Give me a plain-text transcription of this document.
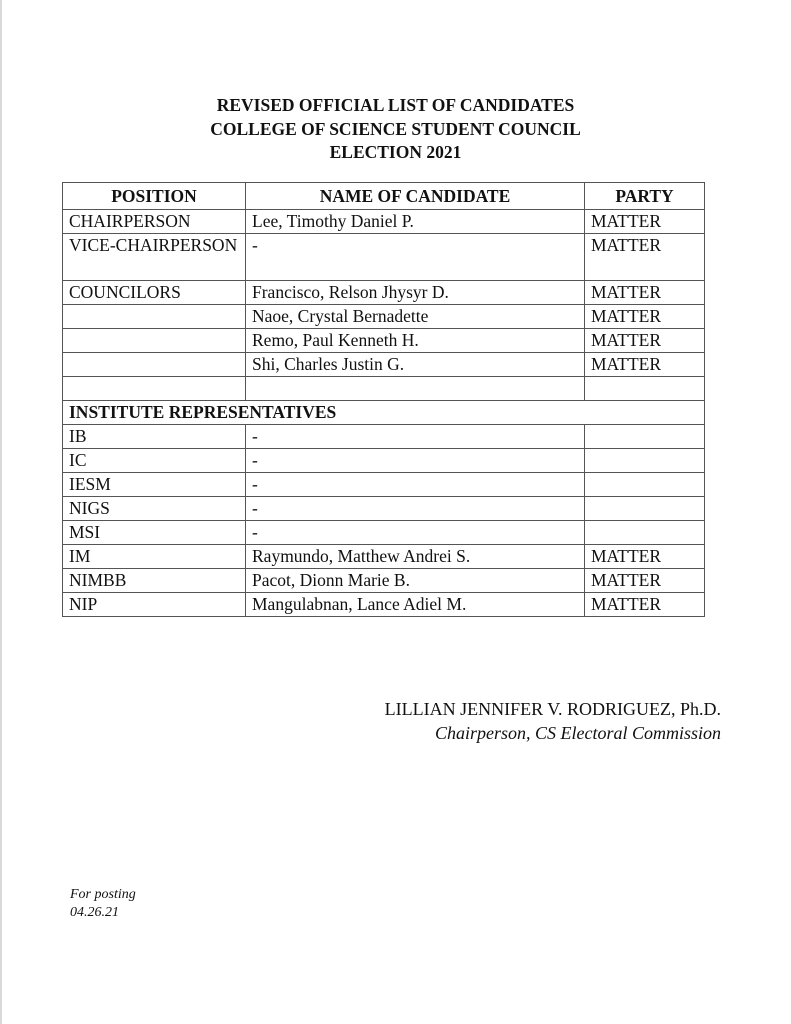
REVISED OFFICIAL LIST OF CANDIDATES
COLLEGE OF SCIENCE STUDENT COUNCIL
ELECTION 2021
POSITION	NAME OF CANDIDATE	PARTY
CHAIRPERSON	Lee, Timothy Daniel P.	MATTER
VICE-CHAIRPERSON	-	MATTER
COUNCILORS	Francisco, Relson Jhysyr D.	MATTER
	Naoe, Crystal Bernadette	MATTER
	Remo, Paul Kenneth H.	MATTER
	Shi, Charles Justin G.	MATTER

INSTITUTE REPRESENTATIVES		
IB	-	
IC	-	
IESM	-	
NIGS	-	
MSI	-	
IM	Raymundo, Matthew Andrei S.	MATTER
NIMBB	Pacot, Dionn Marie B.	MATTER
NIP	Mangulabnan, Lance Adiel M.	MATTER
LILLIAN JENNIFER V. RODRIGUEZ, Ph.D.
Chairperson, CS Electoral Commission
For posting
04.26.21
